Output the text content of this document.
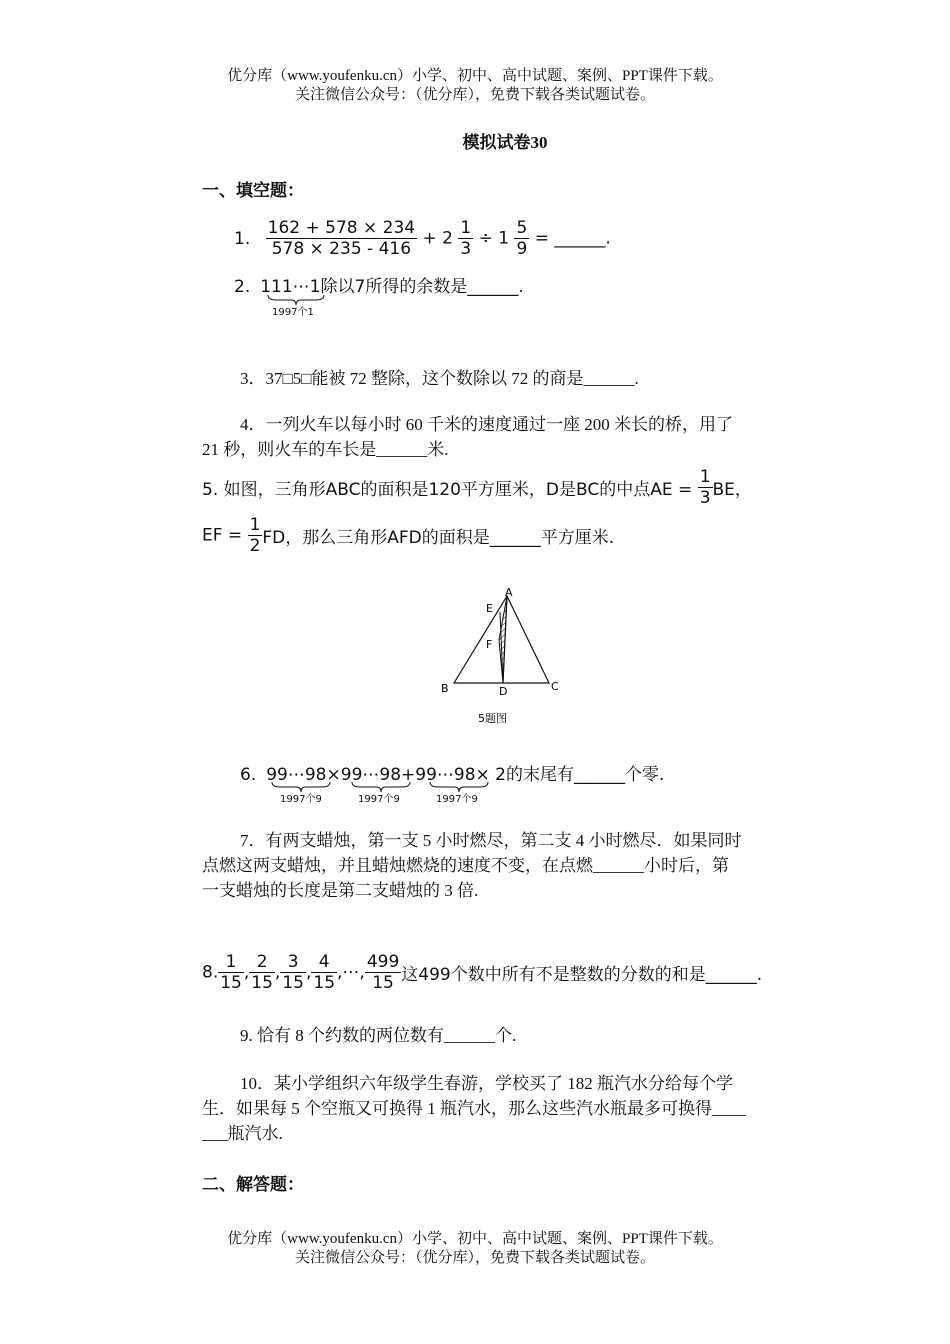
优分库（www.youfenku.cn）小学、初中、高中试题、案例、PPT课件下载。
关注微信公众号：（优分库），免费下载各类试题试卷。
模拟试卷30
一、填空题：
1. $\frac{162 + 578 \times 234}{578 \times 235 - 416} + 2 \frac{1}{3} \div 1 \frac{5}{9}$ = ______.
2. 111⋯1除以7所得的余数是______.
1997个1
3．37□5□能被 72 整除，这个数除以 72 的商是______.
4．一列火车以每小时 60 千米的速度通过一座 200 米长的桥，用了
21 秒，则火车的车长是______米.
5. 如图，三角形ABC的面积是120平方厘米，D是BC的中点AE = $\frac{1}{3}$ BE，
EF = $\frac{1}{2}$ FD，那么三角形AFD的面积是______平方厘米.
A
E
F
B	D	C
5题图
6. 99⋯98×99⋯98+99⋯98× 2的末尾有______个零.
1997个9	1997个9	1997个9
7．有两支蜡烛，第一支 5 小时燃尽，第二支 4 小时燃尽．如果同时
点燃这两支蜡烛，并且蜡烛燃烧的速度不变，在点燃______小时后，第
一支蜡烛的长度是第二支蜡烛的 3 倍.
8. $\frac{1}{15}$ , $\frac{2}{15}$ , $\frac{3}{15}$ , $\frac{4}{15}$ ,⋯, $\frac{499}{15}$ 这499个数中所有不是整数的分数的和是______.
9. 恰有 8 个约数的两位数有______个.
10．某小学组织六年级学生春游，学校买了 182 瓶汽水分给每个学
生．如果每 5 个空瓶又可换得 1 瓶汽水，那么这些汽水瓶最多可换得____
___瓶汽水.
二、解答题：
优分库（www.youfenku.cn）小学、初中、高中试题、案例、PPT课件下载。
关注微信公众号：（优分库），免费下载各类试题试卷。
